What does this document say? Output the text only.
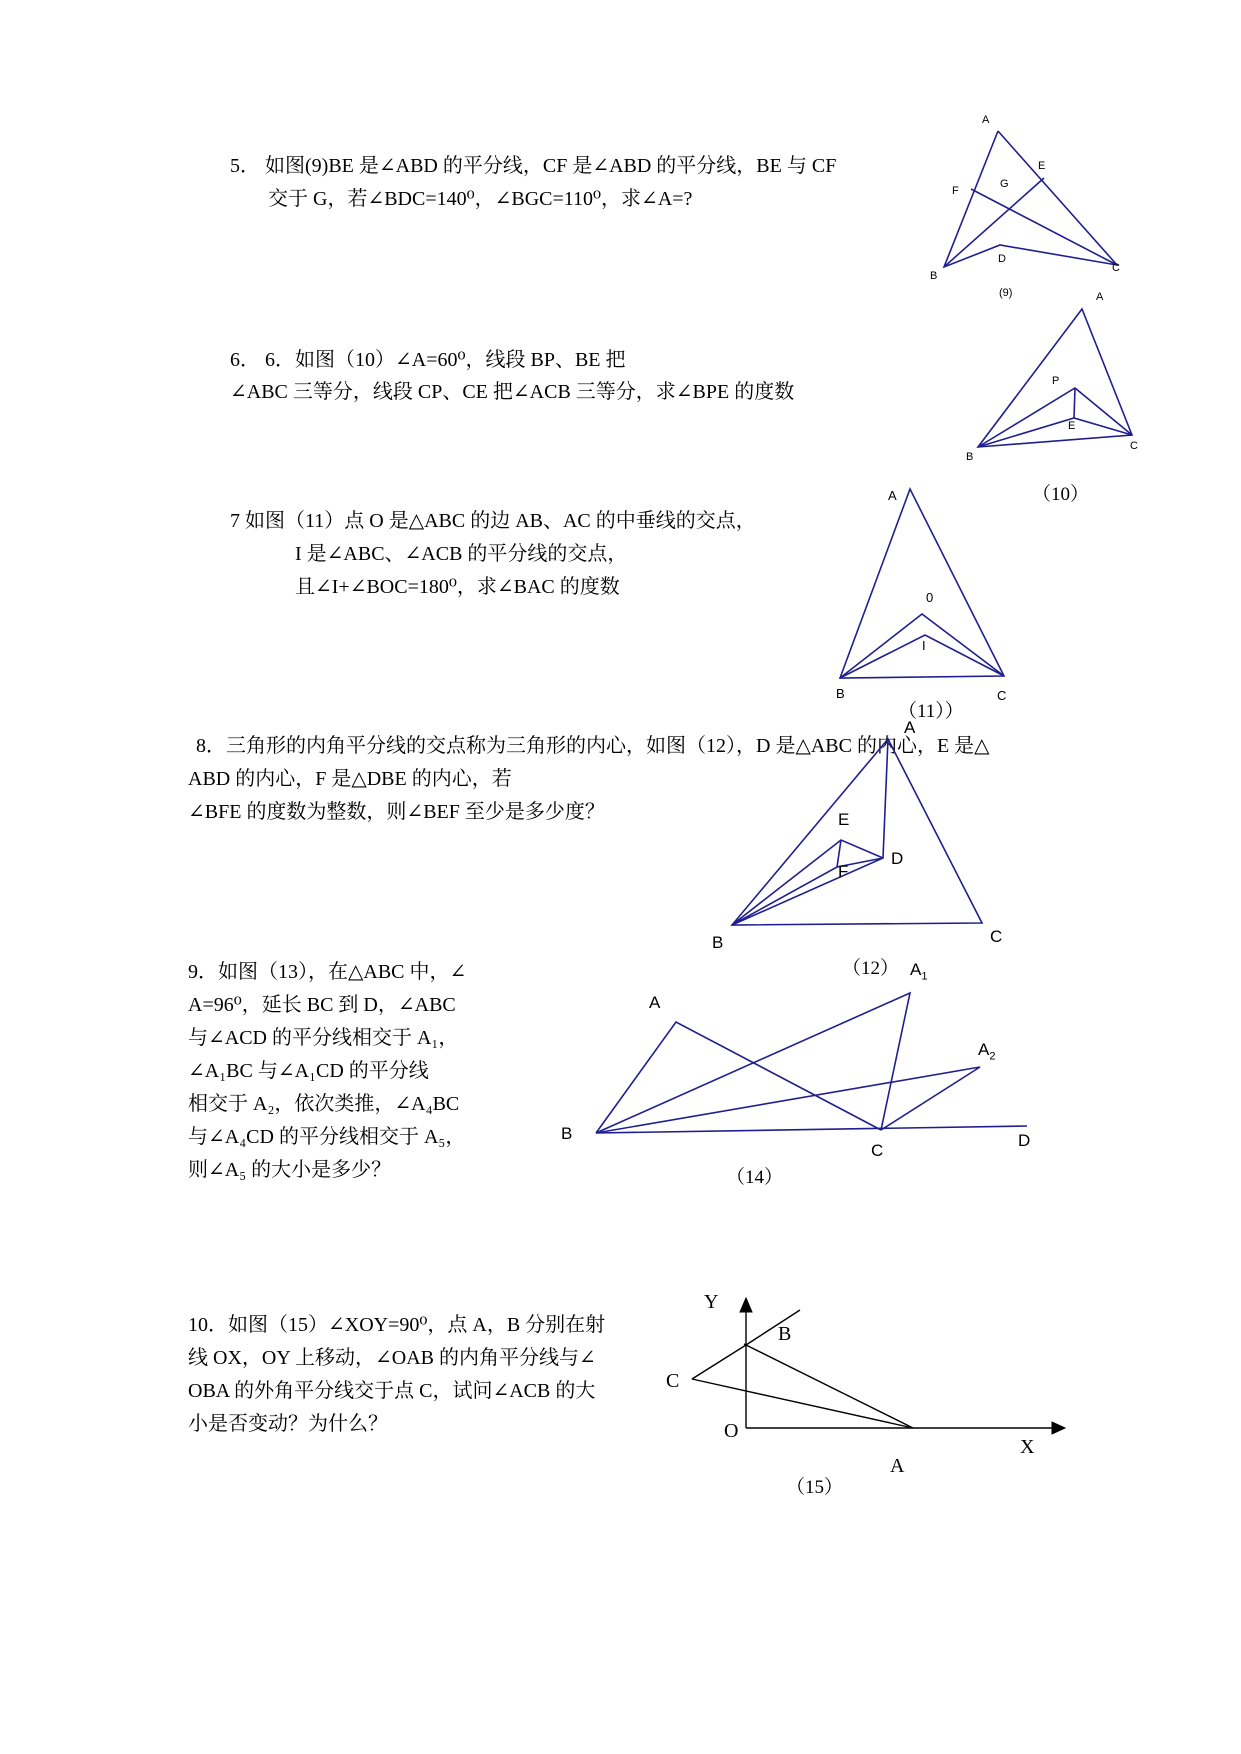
5． 如图(9)BE 是∠ABD 的平分线，CF 是∠ABD 的平分线，BE 与 CF
交于 G，若∠BDC=140⁰，∠BGC=110⁰，求∠A=?
6． 6．如图（10）∠A=60⁰，线段 BP、BE 把
∠ABC 三等分，线段 CP、CE 把∠ACB 三等分，求∠BPE 的度数
7 如图（11）点 O 是△ABC 的边 AB、AC 的中垂线的交点，
I 是∠ABC、∠ACB 的平分线的交点，
且∠I+∠BOC=180⁰，求∠BAC 的度数
8．三角形的内角平分线的交点称为三角形的内心，如图（12），D 是△ABC 的内心，E 是△
ABD 的内心，F 是△DBE 的内心，若
∠BFE 的度数为整数，则∠BEF 至少是多少度？
9．如图（13），在△ABC 中，∠
A=96⁰，延长 BC 到 D，∠ABC
与∠ACD 的平分线相交于 A₁，
∠A₁BC 与∠A₁CD 的平分线
相交于 A₂，依次类推，∠A₄BC
与∠A₄CD 的平分线相交于 A₅，
则∠A₅ 的大小是多少？
10．如图（15）∠XOY=90⁰，点 A，B 分别在射
线 OX，OY 上移动，∠OAB 的内角平分线与∠
OBA 的外角平分线交于点 C，试问∠ACB 的大
小是否变动？为什么？
A
E
F
G
D
B
C
(9)	A
P
E
B
C
（10）
A
0
I
B	C
（11））
A
E
D
F
B	C
（12）
A
$A_1$
$A_2$
B
C
D
（14）
Y
B
C
O
X
A
（15）
